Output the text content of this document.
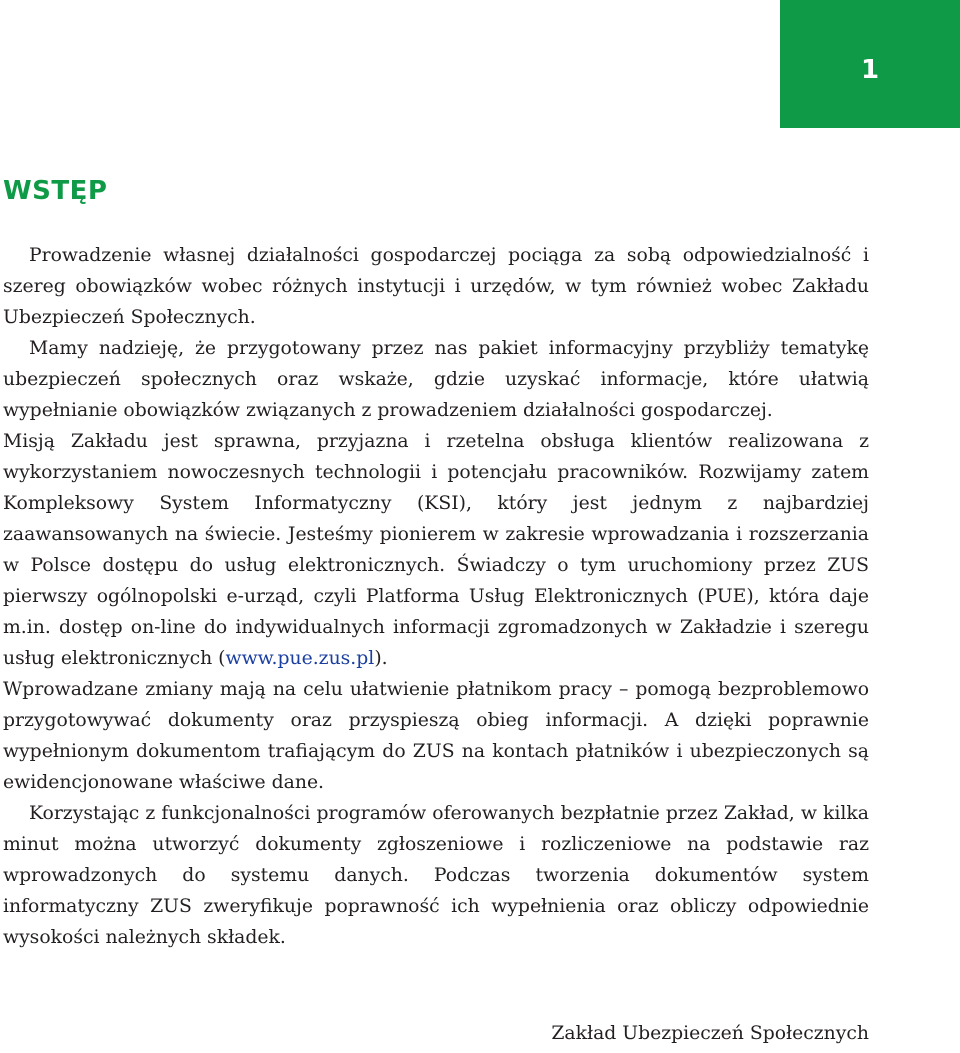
1
WSTĘP

Prowadzenie własnej działalności gospodarczej pociąga za sobą odpowiedzialność i szereg obowiązków wobec różnych instytucji i urzędów, w tym również wobec Zakładu Ubezpieczeń Społecznych.

Mamy nadzieję, że przygotowany przez nas pakiet informacyjny przybliży tematykę ubezpieczeń społecznych oraz wskaże, gdzie uzyskać informacje, które ułatwią wypełnianie obowiązków związanych z prowadzeniem działalności gospodarczej.

Misją Zakładu jest sprawna, przyjazna i rzetelna obsługa klientów realizowana z wykorzystaniem nowoczesnych technologii i potencjału pracowników. Rozwijamy zatem Kompleksowy System Informatyczny (KSI), który jest jednym z najbardziej zaawansowanych na świecie. Jesteśmy pionierem w zakresie wprowadzania i rozszerzania w Polsce dostępu do usług elektronicznych. Świadczy o tym uruchomiony przez ZUS pierwszy ogólnopolski e-urząd, czyli Platforma Usług Elektronicznych (PUE), która daje m.in. dostęp on-line do indywidualnych informacji zgromadzonych w Zakładzie i szeregu usług elektronicznych (www.pue.zus.pl).

Wprowadzane zmiany mają na celu ułatwienie płatnikom pracy – pomogą bezproblemowo przygotowywać dokumenty oraz przyspieszą obieg informacji. A dzięki poprawnie wypełnionym dokumentom trafiającym do ZUS na kontach płatników i ubezpieczonych są ewidencjonowane właściwe dane.

Korzystając z funkcjonalności programów oferowanych bezpłatnie przez Zakład, w kilka minut można utworzyć dokumenty zgłoszeniowe i rozliczeniowe na podstawie raz wprowadzonych do systemu danych. Podczas tworzenia dokumentów system informatyczny ZUS zweryfikuje poprawność ich wypełnienia oraz obliczy odpowiednie wysokości należnych składek.

Zakład Ubezpieczeń Społecznych
